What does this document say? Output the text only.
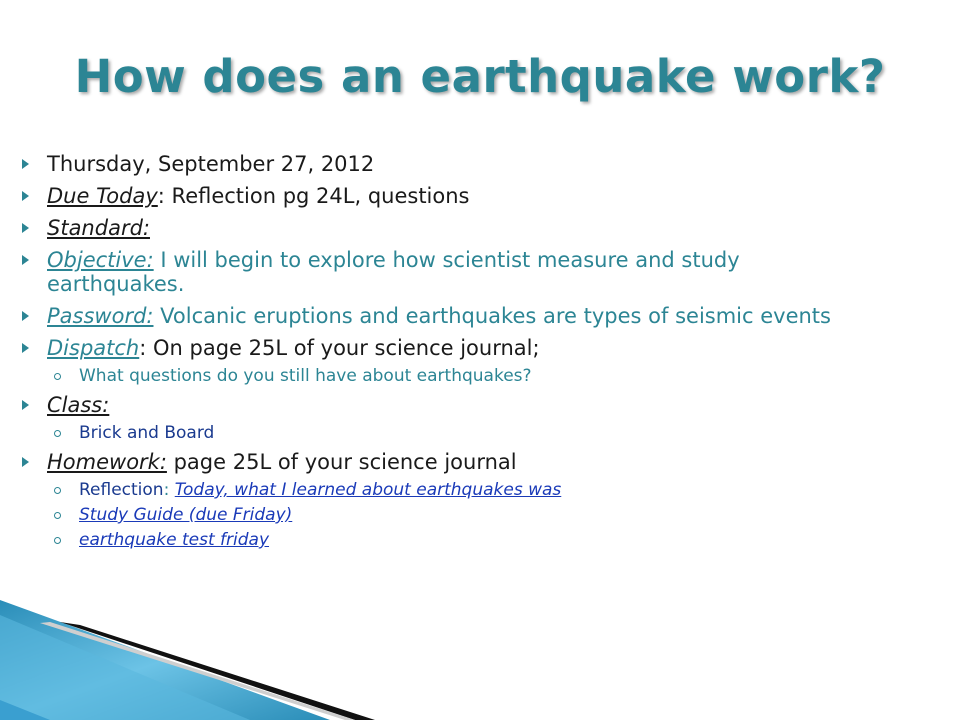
How does an earthquake work?
Thursday, September 27, 2012
Due Today: Reflection pg 24L, questions
Standard:
Objective: I will begin to explore how scientist measure and study earthquakes.
Password: Volcanic eruptions and earthquakes are types of seismic events
Dispatch: On page 25L of your science journal;
What questions do you still have about earthquakes?
Class:
Brick and Board
Homework: page 25L of your science journal
Reflection: Today, what I learned about earthquakes was
Study Guide (due Friday)
earthquake test friday
